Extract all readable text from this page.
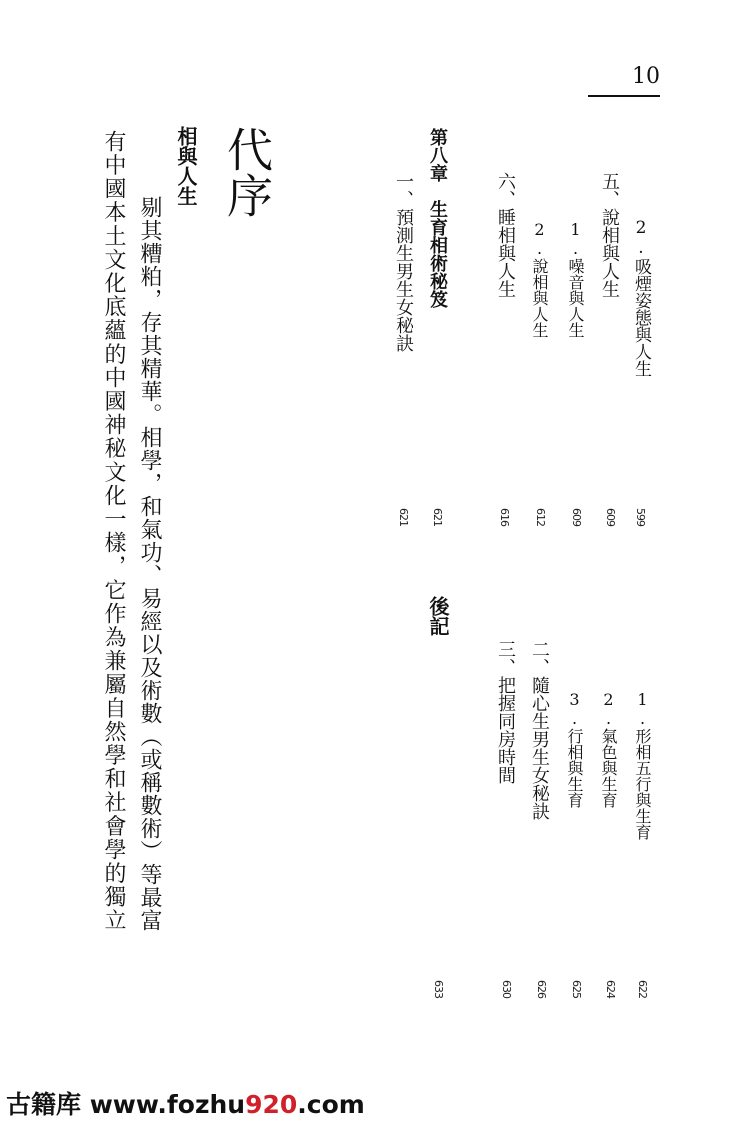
10
2.吸煙姿態與人生
599
五、說相與人生
609
1.噪音與人生
609
2.說相與人生
612
六、睡相與人生
616
第八章　生育相術秘笈
621
一、預測生男生女秘訣
621
1.形相五行與生育
622
2.氣色與生育
624
3.行相與生育
625
二、隨心生男生女秘訣
626
三、把握同房時間
630
後記
633
代序
相與人生
剔其糟粕，存其精華。相學，和氣功、易經以及術數（或稱數術）等最富
有中國本土文化底蘊的中國神秘文化一樣，它作為兼屬自然學和社會學的獨立
古籍库 www.fozhu920.com
